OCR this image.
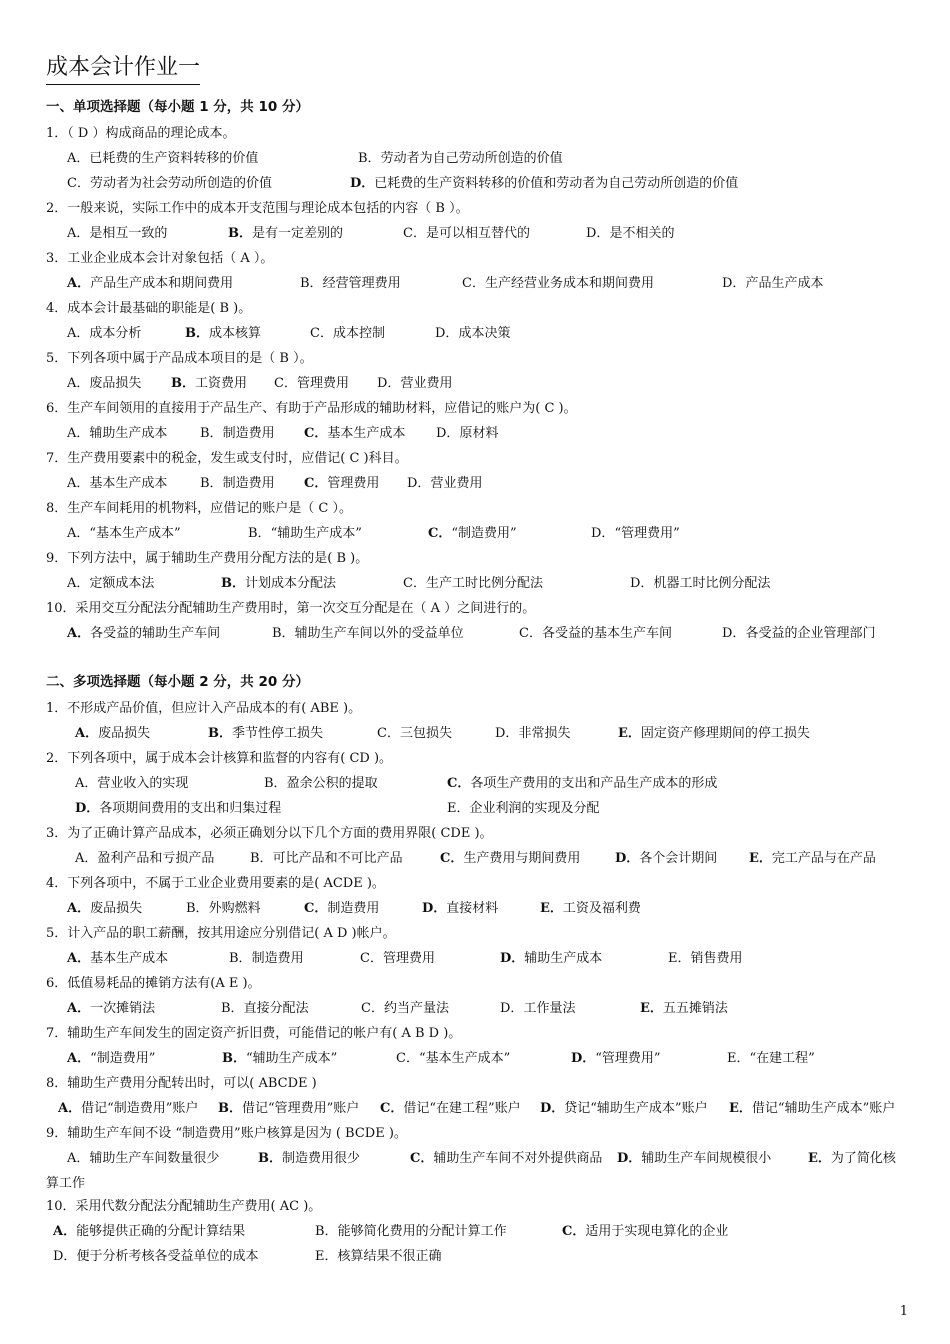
成本会计作业一
一、单项选择题（每小题 1 分，共 10 分）
1．（ D ）构成商品的理论成本。
A．已耗费的生产资料转移的价值	B．劳动者为自己劳动所创造的价值
C．劳动者为社会劳动所创造的价值	D．已耗费的生产资料转移的价值和劳动者为自己劳动所创造的价值
2．一般来说，实际工作中的成本开支范围与理论成本包括的内容（ B ）。
A．是相互一致的	B．是有一定差别的	C．是可以相互替代的	D．是不相关的
3．工业企业成本会计对象包括（ A ）。
A．产品生产成本和期间费用	B．经营管理费用	C．生产经营业务成本和期间费用	D．产品生产成本
4．成本会计最基础的职能是( B )。
A．成本分析	B．成本核算	C．成本控制	D．成本决策
5．下列各项中属于产品成本项目的是（ B ）。
A．废品损失 B．工资费用 C．管理费用 D．营业费用
6．生产车间领用的直接用于产品生产、有助于产品形成的辅助材料，应借记的账户为( C )。
A．辅助生产成本	B．制造费用 C．基本生产成本 D．原材料
7．生产费用要素中的税金，发生或支付时，应借记( C )科目。
A．基本生产成本	B．制造费用 C．管理费用 D．营业费用
8．生产车间耗用的机物料，应借记的账户是（ C ）。
A．“基本生产成本”	B．“辅助生产成本”	C．“制造费用”	D．“管理费用”
9．下列方法中，属于辅助生产费用分配方法的是( B )。
A．定额成本法	B．计划成本分配法	C．生产工时比例分配法	D．机器工时比例分配法
10．采用交互分配法分配辅助生产费用时，第一次交互分配是在（ A ）之间进行的。
A．各受益的辅助生产车间	B．辅助生产车间以外的受益单位	C．各受益的基本生产车间	D．各受益的企业管理部门
二、多项选择题（每小题 2 分，共 20 分）
1．不形成产品价值，但应计入产品成本的有( ABE )。
A．废品损失	B．季节性停工损失	C．三包损失	D．非常损失	E．固定资产修理期间的停工损失
2．下列各项中，属于成本会计核算和监督的内容有( CD )。
A．营业收入的实现	B．盈余公积的提取	C．各项生产费用的支出和产品生产成本的形成
D．各项期间费用的支出和归集过程	E．企业利润的实现及分配
3．为了正确计算产品成本，必须正确划分以下几个方面的费用界限( CDE )。
A．盈利产品和亏损产品	B．可比产品和不可比产品	C．生产费用与期间费用	D．各个会计期间 E．完工产品与在产品
4．下列各项中，不属于工业企业费用要素的是( ACDE )。
A．废品损失	B．外购燃料	C．制造费用	D．直接材料	E．工资及福利费
5．计入产品的职工薪酬，按其用途应分别借记( A D )帐户。
A．基本生产成本	B．制造费用	C．管理费用	D．辅助生产成本	E．销售费用
6．低值易耗品的摊销方法有(A E )。
A．一次摊销法	B．直接分配法	C．约当产量法	D．工作量法	E．五五摊销法
7．辅助生产车间发生的固定资产折旧费，可能借记的帐户有( A B D )。
A．“制造费用”	B．“辅助生产成本”	C．“基本生产成本”	D．“管理费用”	E．“在建工程”
8．辅助生产费用分配转出时，可以( ABCDE )
A．借记“制造费用”账户 B．借记“管理费用”账户 C．借记“在建工程”账户 D．贷记“辅助生产成本”账户 E．借记“辅助生产成本”账户
9．辅助生产车间不设 “制造费用”账户核算是因为 ( BCDE )。
A．辅助生产车间数量很少	B．制造费用很少	C．辅助生产车间不对外提供商品 D．辅助生产车间规模很小	E．为了简化核
算工作
10．采用代数分配法分配辅助生产费用( AC )。
A．能够提供正确的分配计算结果	B．能够简化费用的分配计算工作	C．适用于实现电算化的企业
D．便于分析考核各受益单位的成本	E．核算结果不很正确
1
